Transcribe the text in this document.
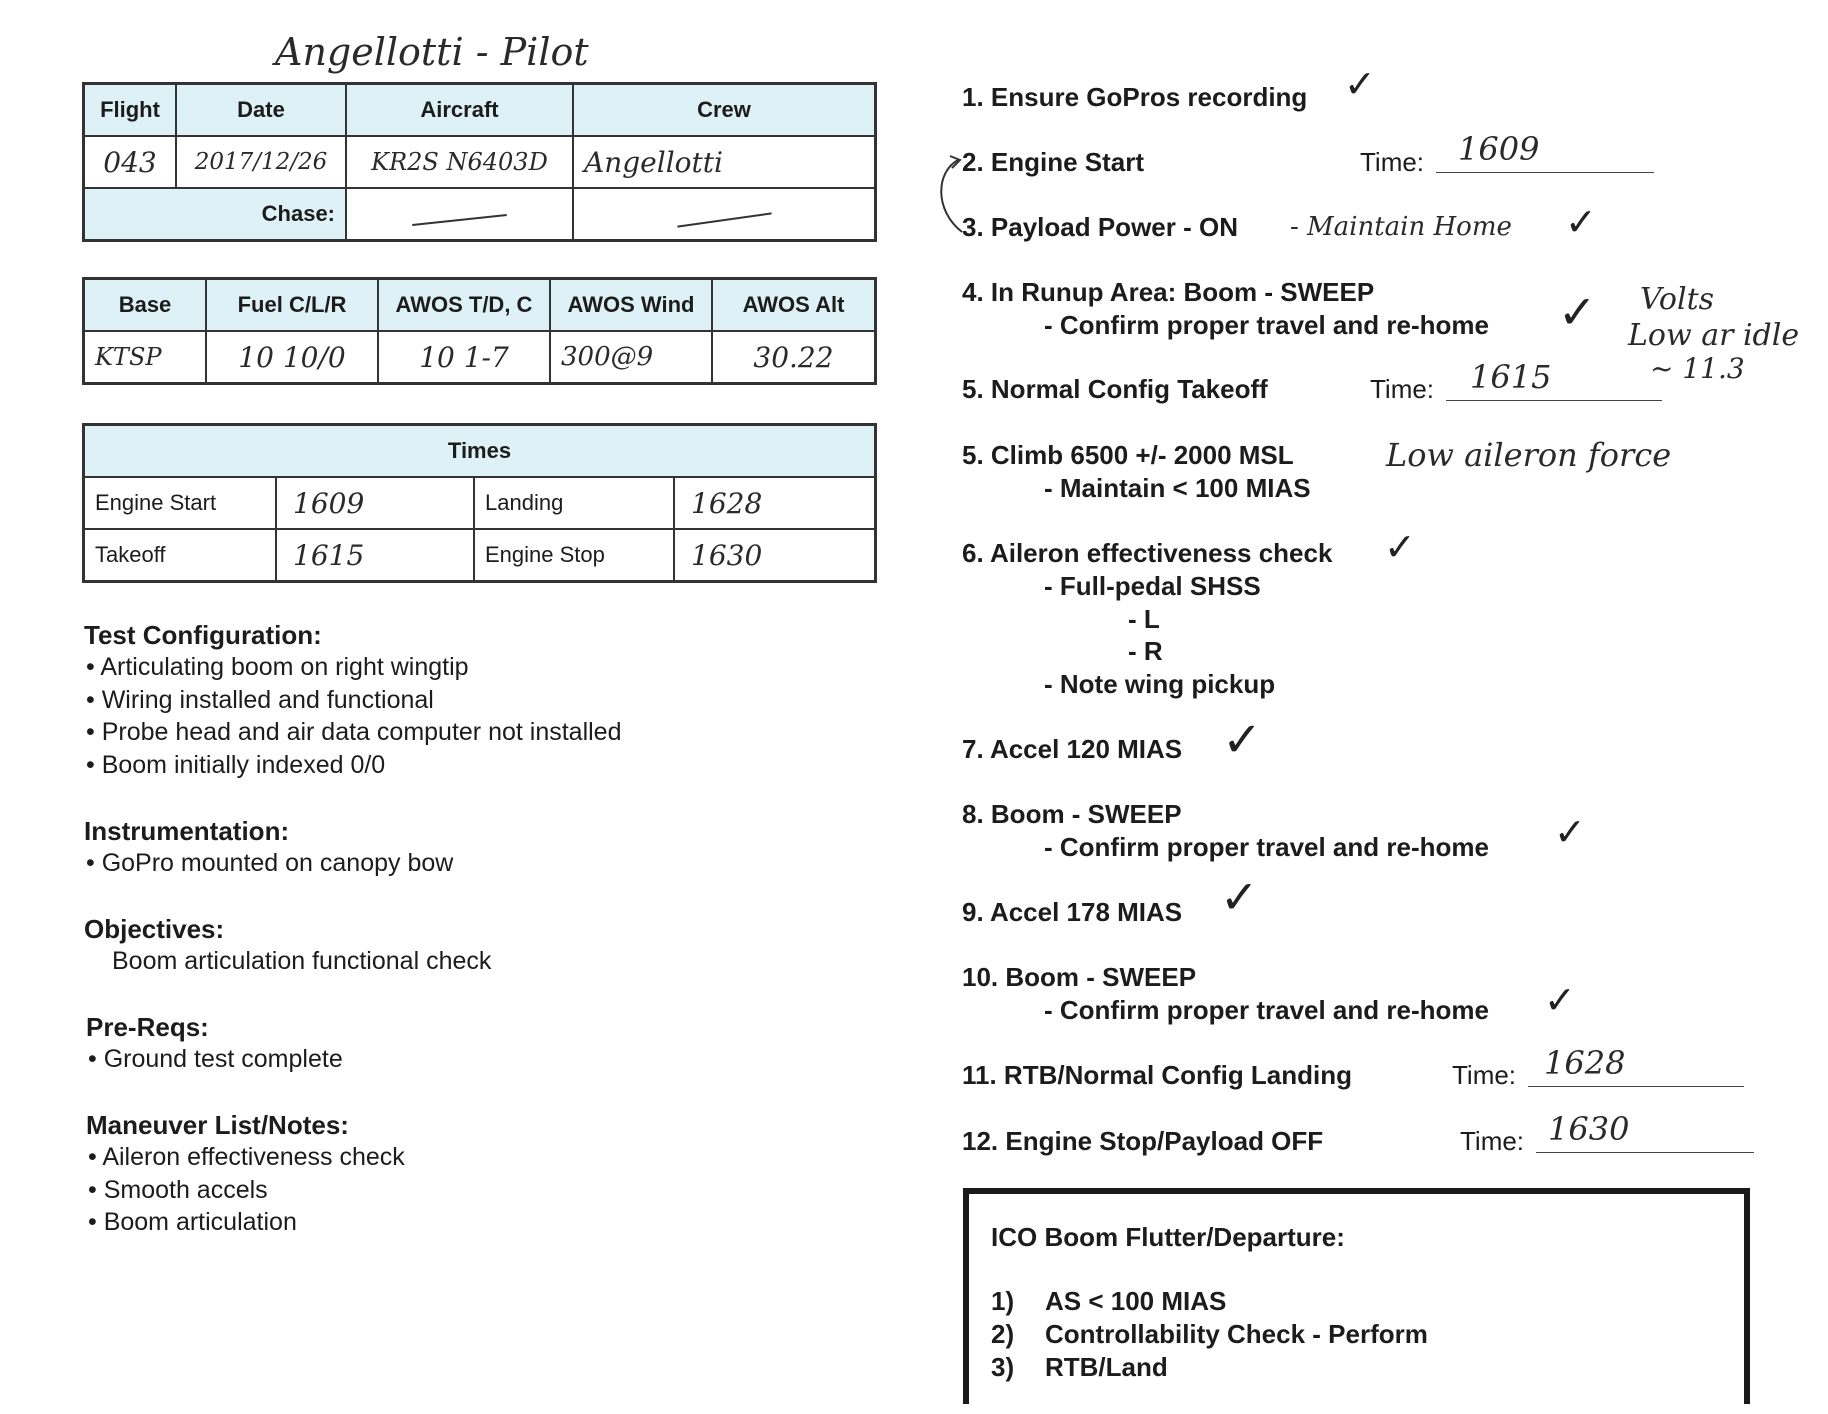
Angellotti - Pilot
Flight	Date	Aircraft	Crew
043	2017/12/26	KR2S N6403D	Angellotti
Chase:			
Base	Fuel C/L/R	AWOS T/D, C	AWOS Wind	AWOS Alt
KTSP	10 10/0	10 1-7	300@9	30.22
Times			
Engine Start	1609	Landing	1628
Takeoff	1615	Engine Stop	1630
Test Configuration:
• Articulating boom on right wingtip
• Wiring installed and functional
• Probe head and air data computer not installed
• Boom initially indexed 0/0
Instrumentation:
• GoPro mounted on canopy bow
Objectives:
Boom articulation functional check
Pre-Reqs:
• Ground test complete
Maneuver List/Notes:
• Aileron effectiveness check
• Smooth accels
• Boom articulation
1. Ensure GoPros recording ✓
2. Engine Start	Time: 1609
3. Payload Power - ON - Maintain Home ✓
4. In Runup Area: Boom - SWEEP
- Confirm proper travel and re-home ✓ Volts
Low ar idle
~ 11.3
5. Normal Config Takeoff	Time: 1615
5. Climb 6500 +/- 2000 MSL
- Maintain < 100 MIAS
Low aileron force
6. Aileron effectiveness check ✓
- Full-pedal SHSS
- L
- R
- Note wing pickup
7. Accel 120 MIAS ✓
8. Boom - SWEEP
- Confirm proper travel and re-home ✓
9. Accel 178 MIAS ✓
10. Boom - SWEEP
- Confirm proper travel and re-home ✓
11. RTB/Normal Config Landing	Time: 1628
12. Engine Stop/Payload OFF	Time: 1630
ICO Boom Flutter/Departure:
1) AS < 100 MIAS
2) Controllability Check - Perform
3) RTB/Land
